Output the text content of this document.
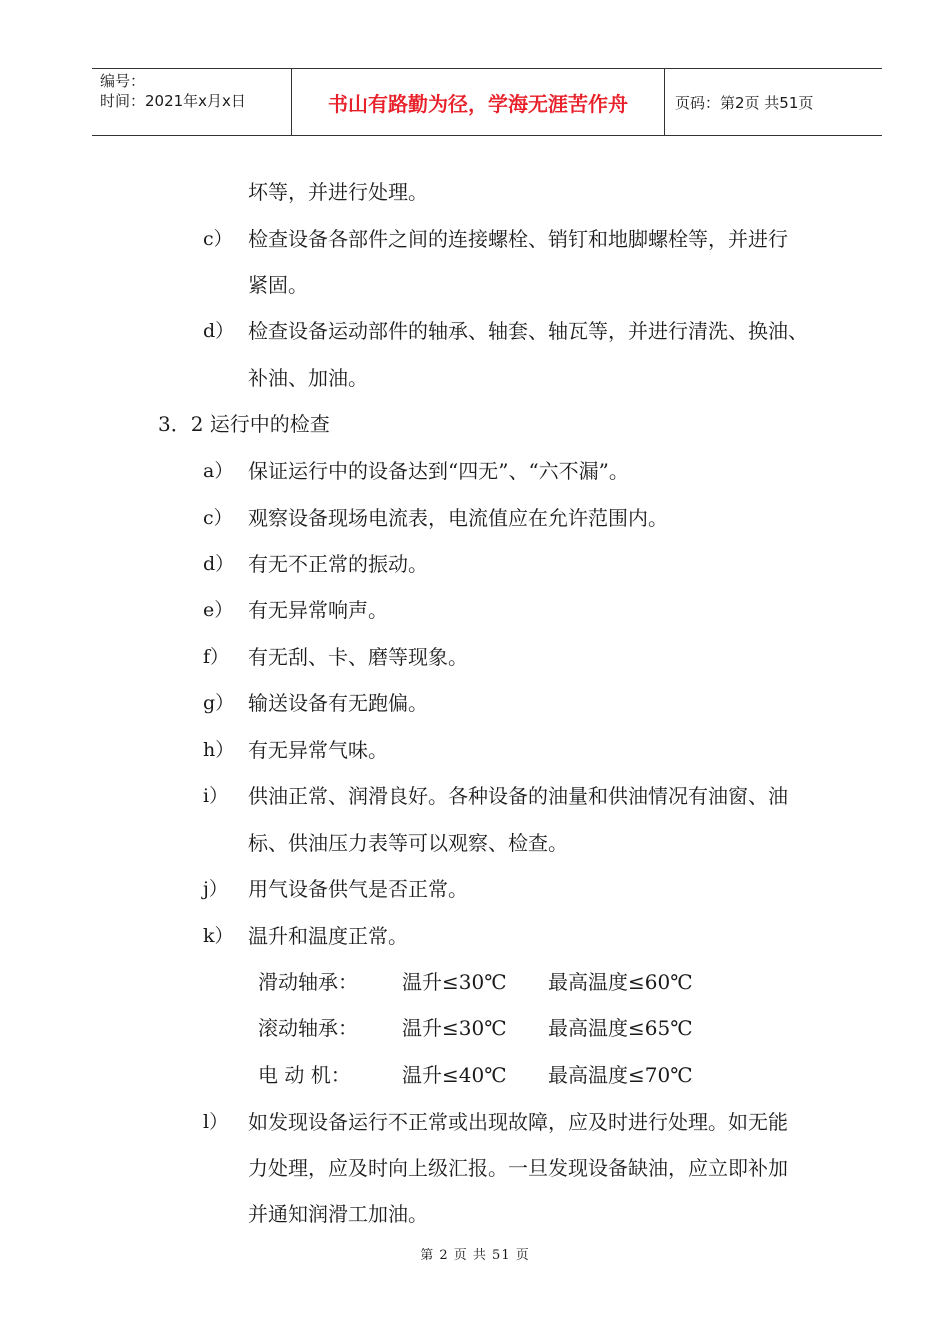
编号：
时间：2021年x月x日	书山有路勤为径，学海无涯苦作舟	页码：第2页 共51页
坏等，并进行处理。
c） 检查设备各部件之间的连接螺栓、销钉和地脚螺栓等，并进行
紧固。
d） 检查设备运动部件的轴承、轴套、轴瓦等，并进行清洗、换油、
补油、加油。
3．2 运行中的检查
a） 保证运行中的设备达到“四无”、“六不漏”。
c） 观察设备现场电流表，电流值应在允许范围内。
d） 有无不正常的振动。
e） 有无异常响声。
f） 有无刮、卡、磨等现象。
g） 输送设备有无跑偏。
h） 有无异常气味。
i） 供油正常、润滑良好。各种设备的油量和供油情况有油窗、油
标、供油压力表等可以观察、检查。
j） 用气设备供气是否正常。
k） 温升和温度正常。
滑动轴承： 温升≤30℃ 最高温度≤60℃
滚动轴承： 温升≤30℃ 最高温度≤65℃
电 动 机：	温升≤40℃ 最高温度≤70℃
l） 如发现设备运行不正常或出现故障，应及时进行处理。如无能
力处理，应及时向上级汇报。一旦发现设备缺油，应立即补加
并通知润滑工加油。
第 2 页 共 51 页
